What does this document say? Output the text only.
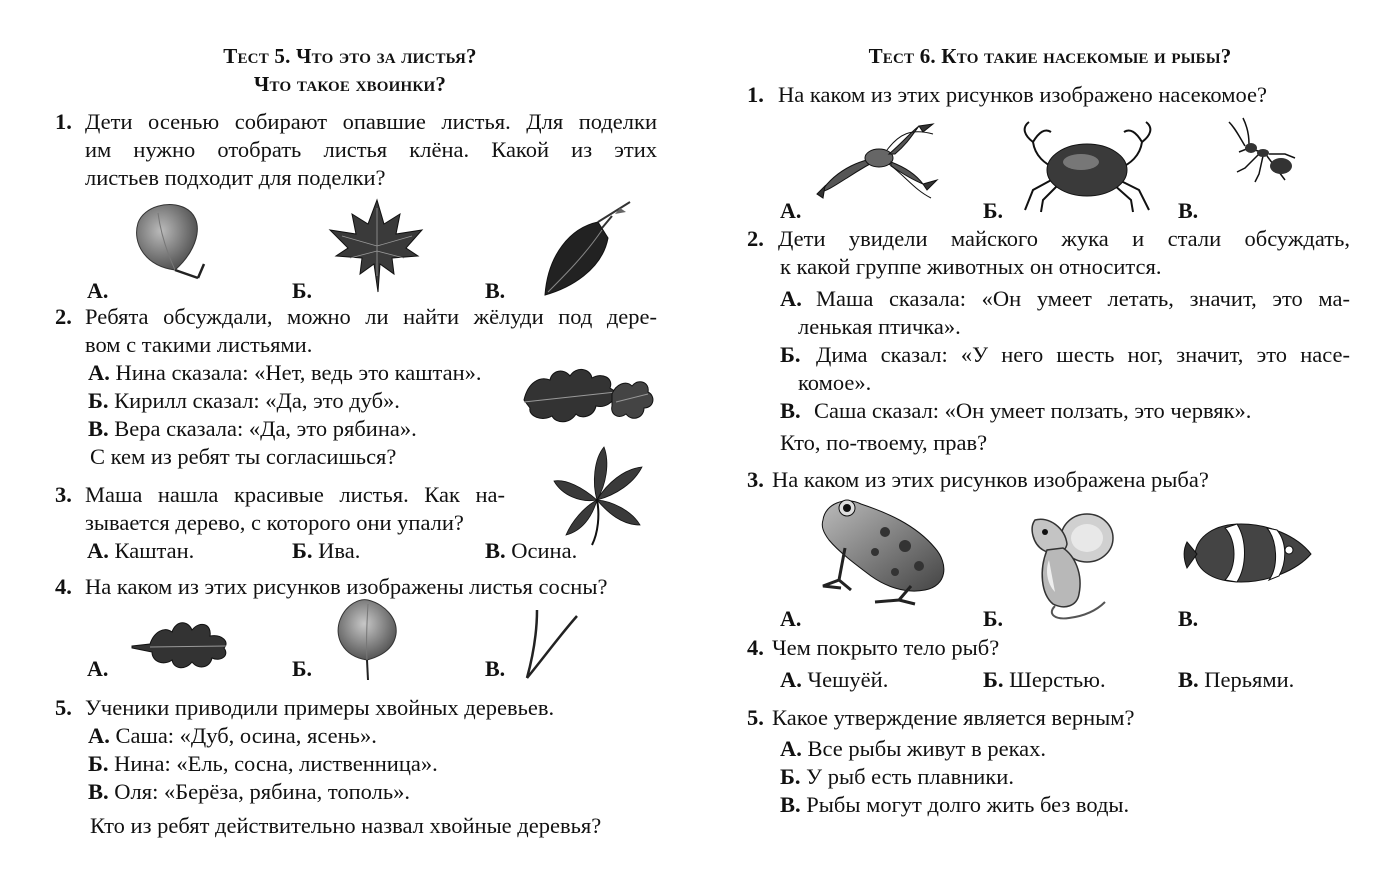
Тест 5. Что это за листья?
Что такое хвоинки?
1. Дети осенью собирают опавшие листья. Для поделки
им нужно отобрать листья клёна. Какой из этих
листьев подходит для поделки?
А.	Б.	В.
2. Ребята обсуждали, можно ли найти жёлуди под дере-
вом с такими листьями.
А. Нина сказала: «Нет, ведь это каштан».
Б. Кирилл сказал: «Да, это дуб».
В. Вера сказала: «Да, это рябина».
С кем из ребят ты согласишься?
3. Маша нашла красивые листья. Как на-
зывается дерево, с которого они упали?
А. Каштан.	Б. Ива.	В. Осина.
4. На каком из этих рисунков изображены листья сосны?
А.	Б.	В.
5. Ученики приводили примеры хвойных деревьев.
А. Саша: «Дуб, осина, ясень».
Б. Нина: «Ель, сосна, лиственница».
В. Оля: «Берёза, рябина, тополь».
Кто из ребят действительно назвал хвойные деревья?
Тест 6. Кто такие насекомые и рыбы?
1. На каком из этих рисунков изображено насекомое?
А.	Б.	В.
2. Дети увидели майского жука и стали обсуждать,
к какой группе животных он относится.
А. Маша сказала: «Он умеет летать, значит, это ма-
ленькая птичка».
Б. Дима сказал: «У него шесть ног, значит, это насе-
комое».
В. Саша сказал: «Он умеет ползать, это червяк».
Кто, по-твоему, прав?
3. На каком из этих рисунков изображена рыба?
А.	Б.	В.
4. Чем покрыто тело рыб?
А. Чешуёй.	Б. Шерстью.	В. Перьями.
5. Какое утверждение является верным?
А. Все рыбы живут в реках.
Б. У рыб есть плавники.
В. Рыбы могут долго жить без воды.
